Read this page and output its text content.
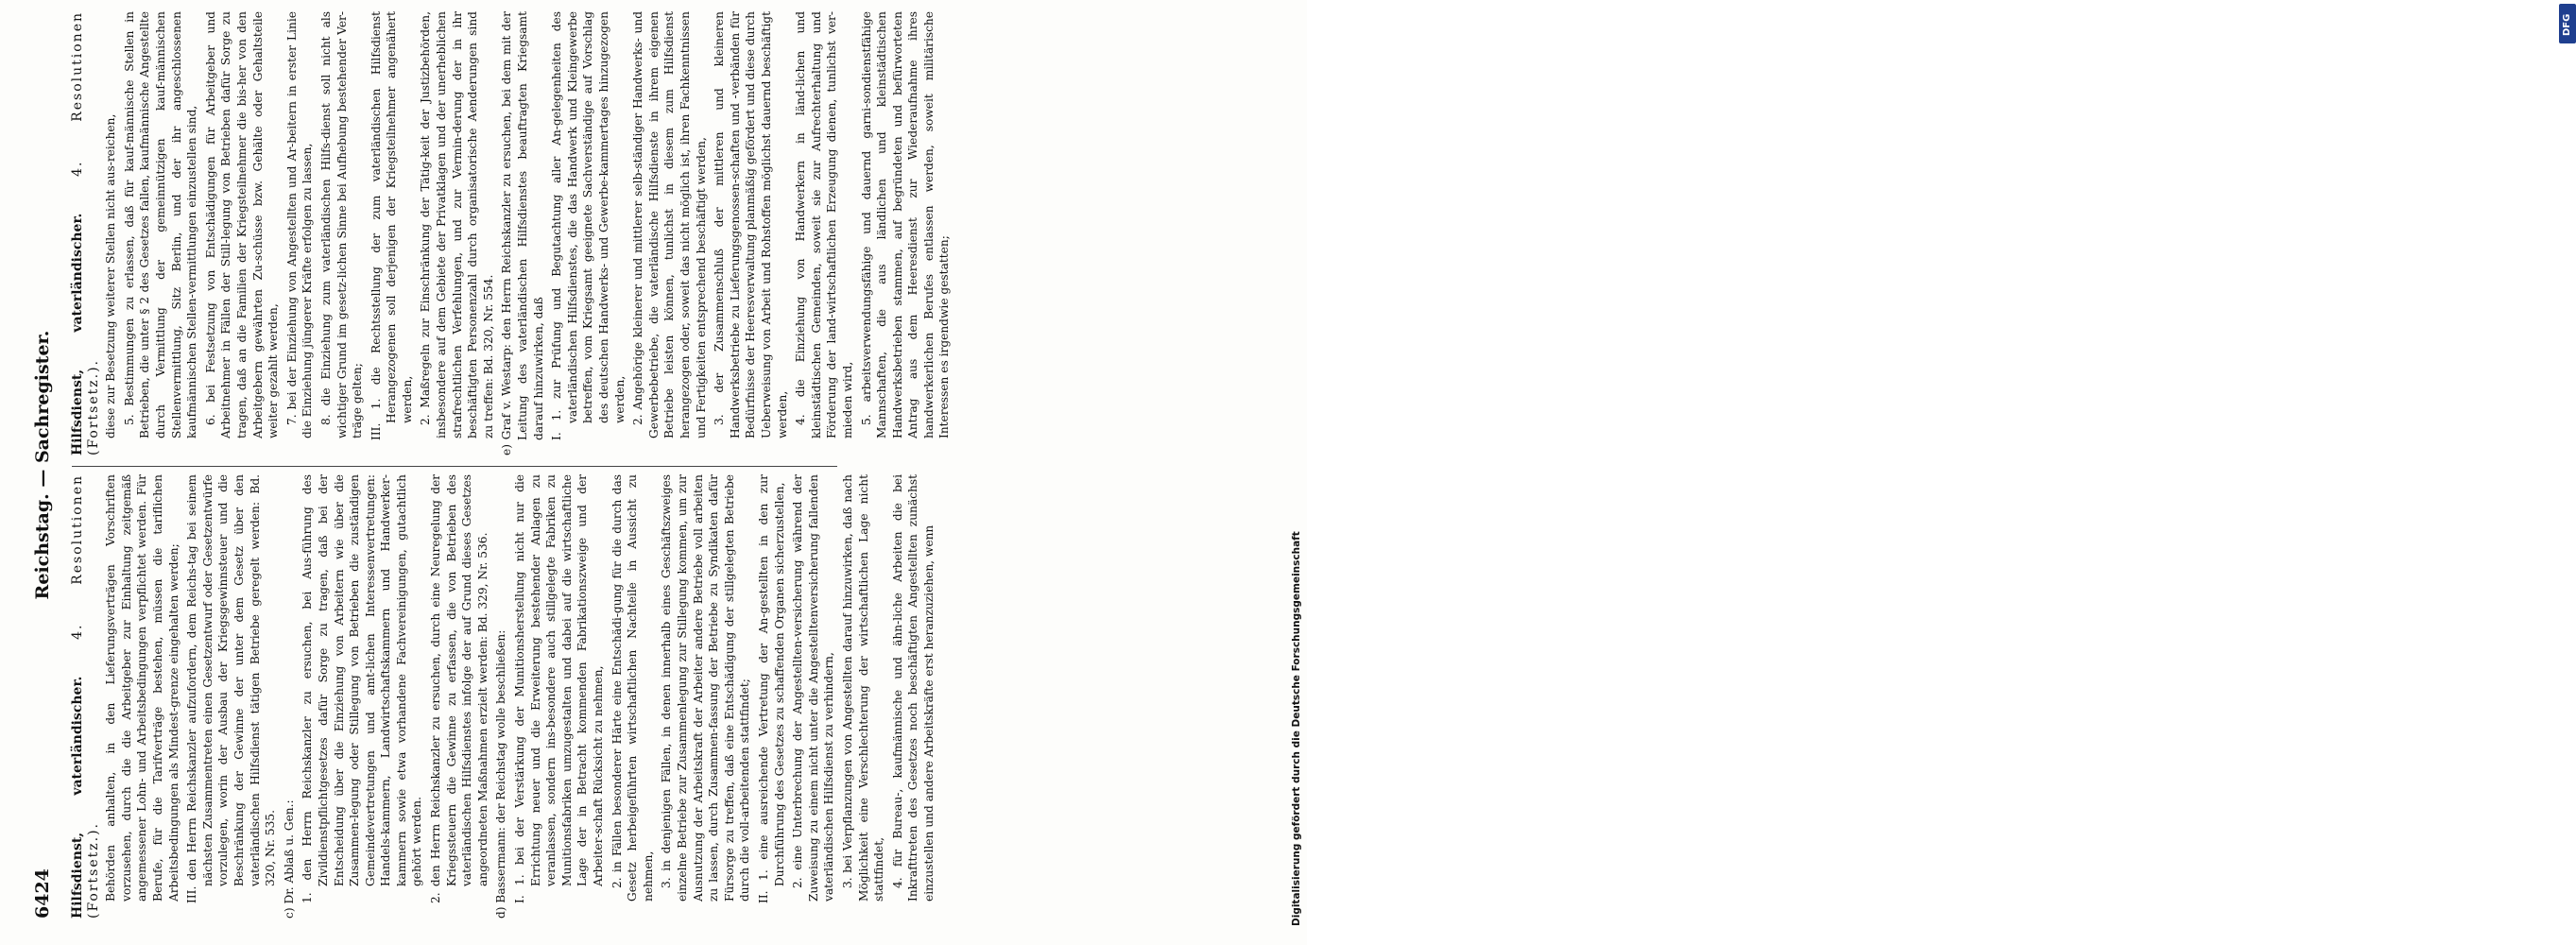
6424
Reichstag. — Sachregister.
Hilfsdienst, vaterländischer. 4. Resolutionen (Fortsetz.). Behörden anhalten, in den Lieferungsverträgen Vorschriften vorzusehen, durch die die Arbeitgeber zur Einhaltung zeitgemäß angemessener Lohn- und Arbeitsbedingungen verpflichtet werden. Für Berufe, für die Tarifverträge bestehen, müssen die tariflichen Arbeitsbedingungen als Mindest-grenze eingehalten werden; III. den Herrn Reichskanzler aufzufordern, dem Reichs-tag bei seinem nächsten Zusammentreten einen Gesetzentwurf oder Gesetzentwürfe vorzulegen, worin der Ausbau der Kriegsgewinnsteuer und die Beschränkung der Gewinne der unter dem Gesetz über den vaterländischen Hilfsdienst tätigen Betriebe geregelt werden: Bd. 320, Nr. 535. c) Dr. Ablaß u. Gen.: 1. den Herrn Reichskanzler zu ersuchen, bei Aus-führung des Zivildienstpflichtgesetzes dafür Sorge zu tragen, daß bei der Entscheidung über die Einziehung von Arbeitern wie über die Zusammen-legung oder Stillegung von Betrieben die zuständigen Gemeindevertretungen und amt-lichen Interessenvertretungen: Handels-kammern, Landwirtschaftskammern und Handwerker-kammern sowie etwa vorhandene Fachvereinigungen, gutachtlich gehört werden. 2. den Herrn Reichskanzler zu ersuchen, durch eine Neuregelung der Kriegssteuern die Gewinne zu erfassen, die von Betrieben des vaterländischen Hilfsdienstes infolge der auf Grund dieses Gesetzes angeordneten Maßnahmen erzielt werden: Bd. 329, Nr. 536. d) Bassermann: der Reichstag wolle beschließen: I. 1. bei der Verstärkung der Munitionsherstellung nicht nur die Errichtung neuer und die Erweiterung bestehender Anlagen zu veranlassen, sondern ins-besondere auch stillgelegte Fabriken zu Munitionsfabriken umzugestalten und dabei auf die wirtschaftliche Lage der in Betracht kommenden Fabrikationszweige und der Arbeiter-schaft Rücksicht zu nehmen, 2. in Fällen besonderer Härte eine Entschädi-gung für die durch das Gesetz herbeigeführten wirtschaftlichen Nachteile in Aussicht zu nehmen, 3. in denjenigen Fällen, in denen innerhalb eines Geschäftszweiges einzelne Betriebe zur Zusammenlegung zur Stillegung kommen, um zur Ausnutzung der Arbeitskraft der Arbeiter andere Betriebe voll arbeiten zu lassen, durch Zusammen-fassung der Betriebe zu Syndikaten dafür Fürsorge zu treffen, daß eine Entschädigung der stillgelegten Betriebe durch die voll-arbeitenden stattfindet; II. 1. eine ausreichende Vertretung der An-gestellten in den zur Durchführung des Gesetzes zu schaffenden Organen sicherzustellen, 2. eine Unterbrechung der Angestellten-versicherung während der Zuweisung zu einem nicht unter die Angestelltenversicherung fallenden vaterländischen Hilfsdienst zu verhindern, 3. bei Verpflanzungen von Angestellten darauf hinzuwirken, daß nach Möglichkeit eine Verschlechterung der wirtschaftlichen Lage nicht stattfindet, 4. für Bureau-, kaufmännische und ähn-liche Arbeiten die bei Inkrafttreten des Gesetzes noch beschäftigten Angestellten zunächst einzustellen und andere Arbeitskräfte erst heranzuziehen, wenn
Hilfsdienst, vaterländischer. 4. Resolutionen (Fortsetz.). diese zur Besetzung weiterer Stellen nicht aus-reichen, 5. Bestimmungen zu erlassen, daß für kauf-männische Stellen in Betrieben, die unter § 2 des Gesetzes fallen, kaufmännische Angestellte durch Vermittlung der gemeinnützigen kauf-männischen Stellenvermittlung, Sitz Berlin, und der ihr angeschlossenen kaufmännischen Stellen-vermittlungen einzustellen sind, 6. bei Festsetzung von Entschädigungen für Arbeitgeber und Arbeitnehmer in Fällen der Still-legung von Betrieben dafür Sorge zu tragen, daß an die Familien der Kriegsteilnehmer die bis-her von den Arbeitgebern gewährten Zu-schüsse bzw. Gehälte oder Gehaltsteile weiter gezahlt werden, 7. bei der Einziehung von Angestellten und Ar-beitern in erster Linie die Einziehung jüngerer Kräfte erfolgen zu lassen, 8. die Einziehung zum vaterländischen Hilfs-dienst soll nicht als wichtiger Grund im gesetz-lichen Sinne bei Aufhebung bestehender Ver-träge gelten; III. 1. die Rechtsstellung der zum vaterländischen Hilfsdienst Herangezogenen soll derjenigen der Kriegsteilnehmer angenähert werden, 2. Maßregeln zur Einschränkung der Tätig-keit der Justizbehörden, insbesondere auf dem Gebiete der Privatklagen und der unerheblichen strafrechtlichen Verfehlungen, und zur Vermin-derung der in ihr beschäftigten Personenzahl durch organisatorische Aenderungen sind zu treffen: Bd. 320, Nr. 554. e) Graf v. Westarp: den Herrn Reichskanzler zu ersuchen, bei dem mit der Leitung des vaterländischen Hilfsdienstes beauftragten Kriegsamt darauf hinzuwirken, daß I. 1. zur Prüfung und Begutachtung aller An-gelegenheiten des vaterländischen Hilfsdienstes, die das Handwerk und Kleingewerbe betreffen, vom Kriegsamt geeignete Sachverständige auf Vorschlag des deutschen Handwerks- und Gewerbe-kammertages hinzugezogen werden, 2. Angehörige kleinerer und mittlerer selb-ständiger Handwerks- und Gewerbebetriebe, die vaterländische Hilfsdienste in ihrem eigenen Betriebe leisten können, tunlichst in diesem zum Hilfsdienst herangezogen oder, soweit das nicht möglich ist, ihren Fachkenntnissen und Fertigkeiten entsprechend beschäftigt werden, 3. der Zusammenschluß der mittleren und kleineren Handwerksbetriebe zu Lieferungsgenossen-schaften und -verbänden für Bedürfnisse der Heeresverwaltung planmäßig gefördert und diese durch Ueberweisung von Arbeit und Rohstoffen möglichst dauernd beschäftigt werden, 4. die Einziehung von Handwerkern in länd-lichen und kleinstädtischen Gemeinden, soweit sie zur Aufrechterhaltung und Förderung der land-wirtschaftlichen Erzeugung dienen, tunlichst ver-mieden wird, 5. arbeitsverwendungsfähige und dauernd garni-sondienstfähige Mannschaften, die aus ländlichen und kleinstädtischen Handwerksbetrieben stammen, auf begründeten und befürworteten Antrag aus dem Heeresdienst zur Wiederaufnahme ihres handwerkerlichen Berufes entlassen werden, soweit militärische Interessen es irgendwie gestatten;
DFG
Digitalisierung gefördert durch die Deutsche Forschungsgemeinschaft
